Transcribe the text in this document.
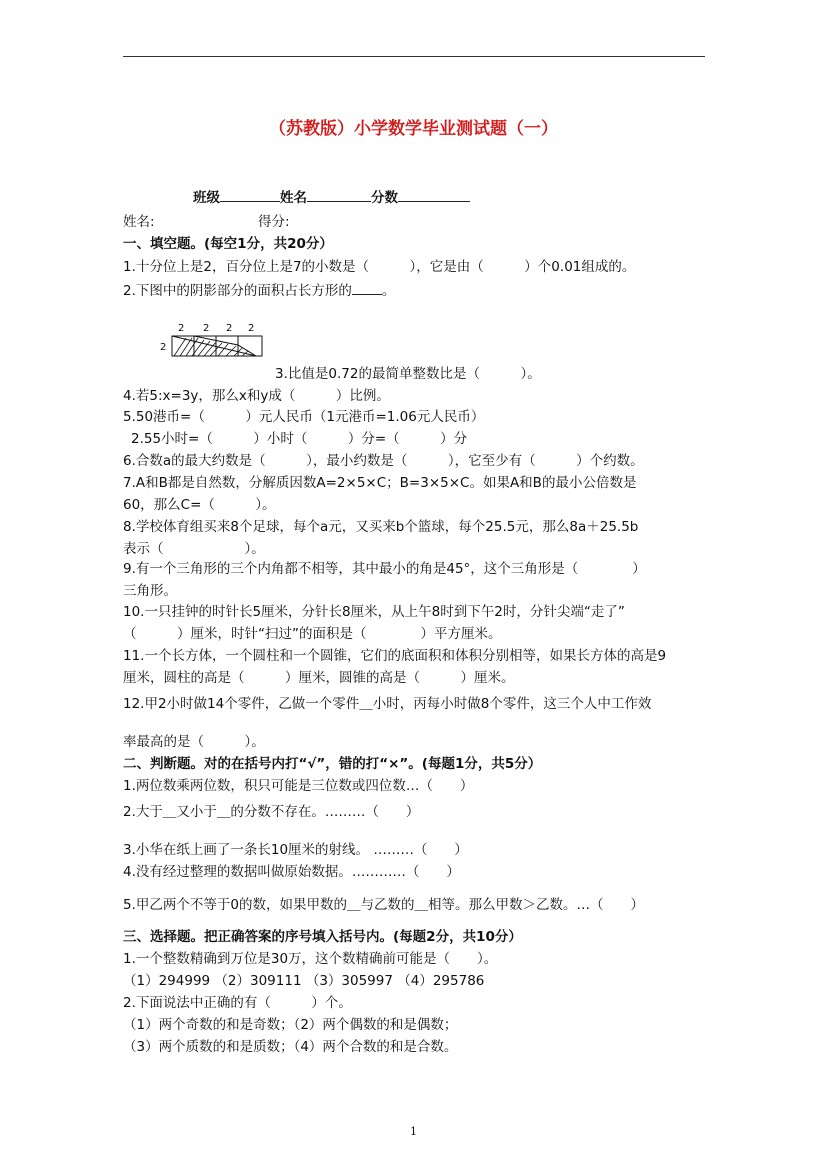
（苏教版）小学数学毕业测试题（一）
班级	姓名	分数
姓名:	得分:
一、填空题。(每空1分，共20分）
1.十分位上是2，百分位上是7的小数是（　　　），它是由（　　　）个0.01组成的。
2.下图中的阴影部分的面积占长方形的 。
2 2 2 2
2
3.比值是0.72的最简单整数比是（　　　）。
4.若5:x=3y，那么x和y成（　　　）比例。
5.50港币=（　　　）元人民币（1元港币=1.06元人民币）
2.55小时=（　　　）小时（　　　）分=（　　　）分
6.合数a的最大约数是（　　　），最小约数是（　　　），它至少有（　　　）个约数。
7.A和B都是自然数，分解质因数A=2×5×C；B=3×5×C。如果A和B的最小公倍数是
60，那么C=（　　　）。
8.学校体育组买来8个足球，每个a元，又买来b个篮球，每个25.5元，那么8a＋25.5b
表示（　　　　　　）。
9.有一个三角形的三个内角都不相等，其中最小的角是45°，这个三角形是（　　　　）
三角形。
10.一只挂钟的时针长5厘米，分针长8厘米，从上午8时到下午2时，分针尖端“走了”
（　　　）厘米，时针“扫过”的面积是（　　　　）平方厘米。
11.一个长方体，一个圆柱和一个圆锥，它们的底面积和体积分别相等，如果长方体的高是9
厘米，圆柱的高是（　　　）厘米，圆锥的高是（　　　）厘米。
12.甲2小时做14个零件，乙做一个零件＿小时，丙每小时做8个零件，这三个人中工作效
率最高的是（　　　）。
二、判断题。对的在括号内打“√”，错的打“×”。(每题1分，共5分）
1.两位数乘两位数，积只可能是三位数或四位数…（　　）
2.大于＿又小于＿的分数不存在。………（　　）
3.小华在纸上画了一条长10厘米的射线。 ………（　　）
4.没有经过整理的数据叫做原始数据。…………（　　）
5.甲乙两个不等于0的数，如果甲数的＿与乙数的＿相等。那么甲数＞乙数。…（　　）
三、选择题。把正确答案的序号填入括号内。(每题2分，共10分）
1.一个整数精确到万位是30万，这个数精确前可能是（　　）。
（1）294999 （2）309111 （3）305997 （4）295786
2.下面说法中正确的有（　　　）个。
（1）两个奇数的和是奇数；（2）两个偶数的和是偶数；
（3）两个质数的和是质数；（4）两个合数的和是合数。
1
